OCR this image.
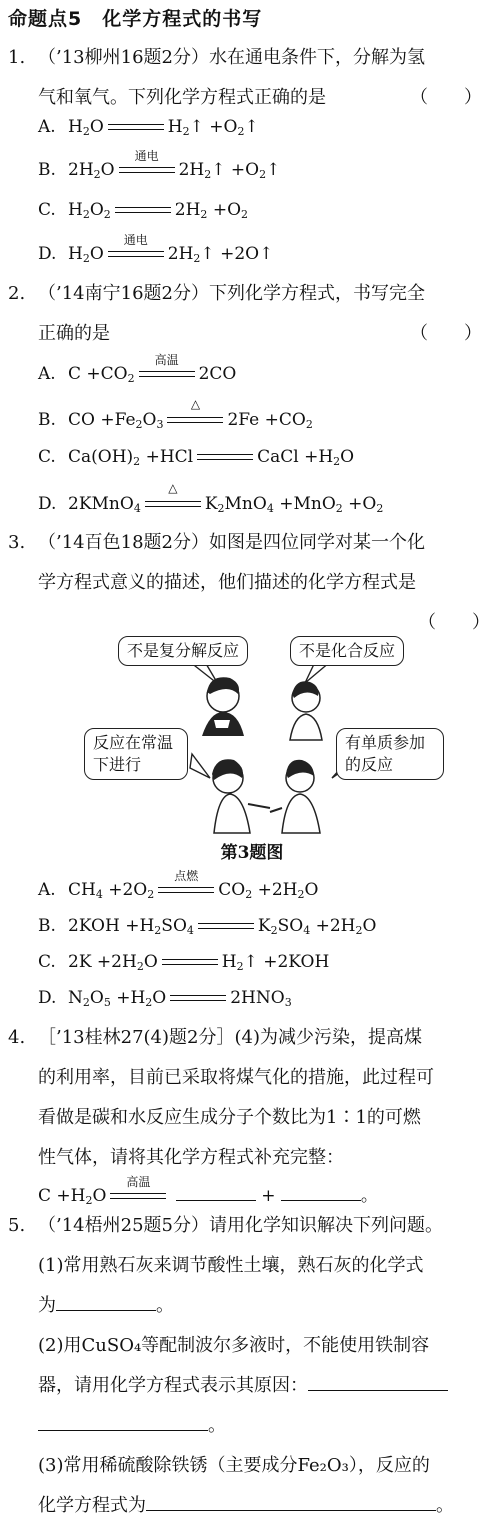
命题点5　化学方程式的书写
1. （’13柳州16题2分）水在通电条件下，分解为氢
气和氧气。下列化学方程式正确的是	（　　）
A. $H_2O$	$H_2↑$ $+O_2↑$
B. $2H_2O$
通电
$2H_2↑$ $+O_2↑$
C. $H_2O_2$	$2H_2 +O_2$
D. $H_2O$
通电
$2H_2↑$ +2O↑
2. （’14南宁16题2分）下列化学方程式，书写完全
正确的是	（　　）
A. $C +CO_2$
高温
2CO
B. CO $+Fe_2O_3$
△
$2Fe +CO_2$
C. $Ca(OH)_2 +HCl$	CaCl $+H_2O$
D. 2KMnO$_4$
△
$K_2MnO_4 +MnO_2 +O_2$
3. （’14百色18题2分）如图是四位同学对某一个化
学方程式意义的描述，他们描述的化学方程式是
（　　）
不是复分解反应	不是化合反应
反应在常温下进行
有单质参加的反应
第3题图
A. $CH_4 +2O_2$
点燃
$CO_2 +2H_2O$
B. $2KOH +H_2SO_4$	$K_2SO_4 +2H_2O$
C. $2K +2H_2O$	$H_2↑ +2KOH$
D. $N_2O_5 +H_2O$	$2HNO_3$
4. ［’13桂林27(4)题2分］(4)为减少污染，提高煤
的利用率，目前已采取将煤气化的措施，此过程可
看做是碳和水反应生成分子个数比为1∶1的可燃
性气体，请将其化学方程式补充完整：
$C +H_2O$
高温
+	。
5. （’14梧州25题5分）请用化学知识解决下列问题。
(1)常用熟石灰来调节酸性土壤，熟石灰的化学式
为	。
(2)用CuSO₄等配制波尔多液时，不能使用铁制容
器，请用化学方程式表示其原因：
。
(3)常用稀硫酸除铁锈（主要成分Fe₂O₃），反应的
化学方程式为	。
